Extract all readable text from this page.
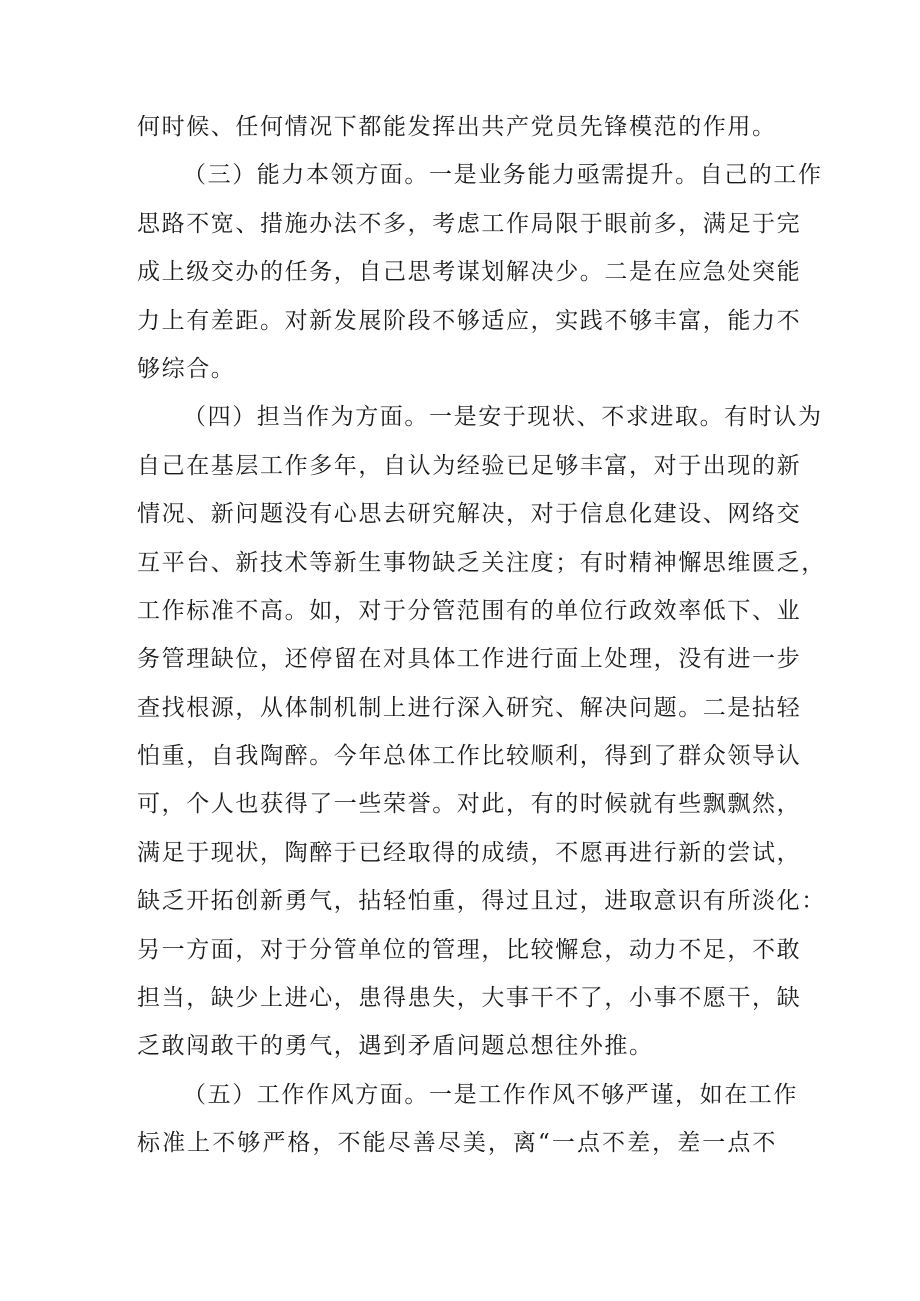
何时候、任何情况下都能发挥出共产党员先锋模范的作用。
（三）能力本领方面。一是业务能力亟需提升。自己的工作
思路不宽、措施办法不多，考虑工作局限于眼前多，满足于完
成上级交办的任务，自己思考谋划解决少。二是在应急处突能
力上有差距。对新发展阶段不够适应，实践不够丰富，能力不
够综合。
（四）担当作为方面。一是安于现状、不求进取。有时认为
自己在基层工作多年，自认为经验已足够丰富，对于出现的新
情况、新问题没有心思去研究解决，对于信息化建设、网络交
互平台、新技术等新生事物缺乏关注度；有时精神懈思维匮乏，
工作标准不高。如，对于分管范围有的单位行政效率低下、业
务管理缺位，还停留在对具体工作进行面上处理，没有进一步
查找根源，从体制机制上进行深入研究、解决问题。二是拈轻
怕重，自我陶醉。今年总体工作比较顺利，得到了群众领导认
可，个人也获得了一些荣誉。对此，有的时候就有些飘飘然，
满足于现状，陶醉于已经取得的成绩，不愿再进行新的尝试，
缺乏开拓创新勇气，拈轻怕重，得过且过，进取意识有所淡化：
另一方面，对于分管单位的管理，比较懈怠，动力不足，不敢
担当，缺少上进心，患得患失，大事干不了，小事不愿干，缺
乏敢闯敢干的勇气，遇到矛盾问题总想往外推。
（五）工作作风方面。一是工作作风不够严谨，如在工作
标准上不够严格，不能尽善尽美，离“一点不差，差一点不
